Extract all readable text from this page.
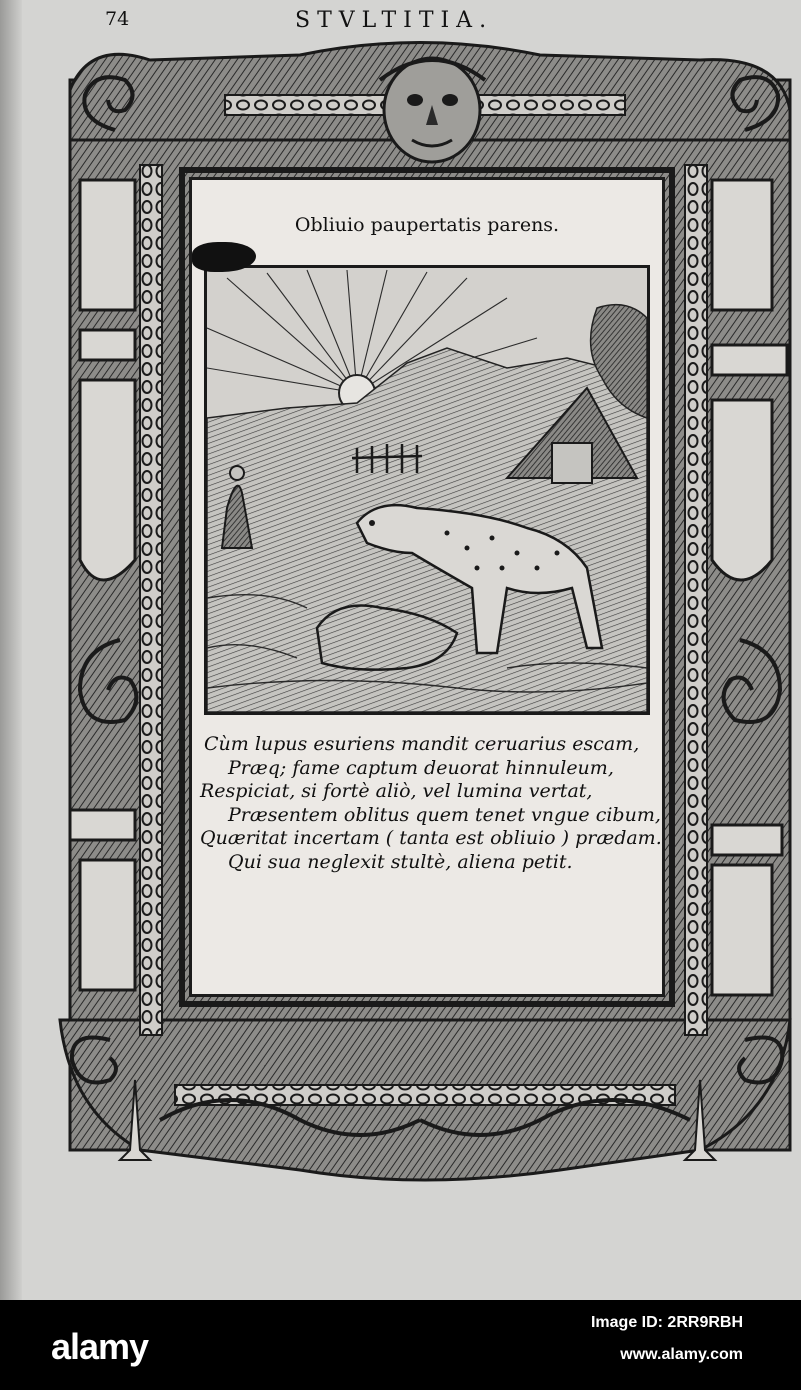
74	STVLTITIA.
Obliuio paupertatis parens.
Cùm lupus esuriens mandit ceruarius escam,
Præq; fame captum deuorat hinnuleum,
Respiciat, si fortè aliò, vel lumina vertat,
Præsentem oblitus quem tenet vngue cibum,
Quæritat incertam ( tanta est obliuio ) prædam.
Qui sua neglexit stultè, aliena petit.
alamy
Image ID: 2RR9RBH
www.alamy.com
